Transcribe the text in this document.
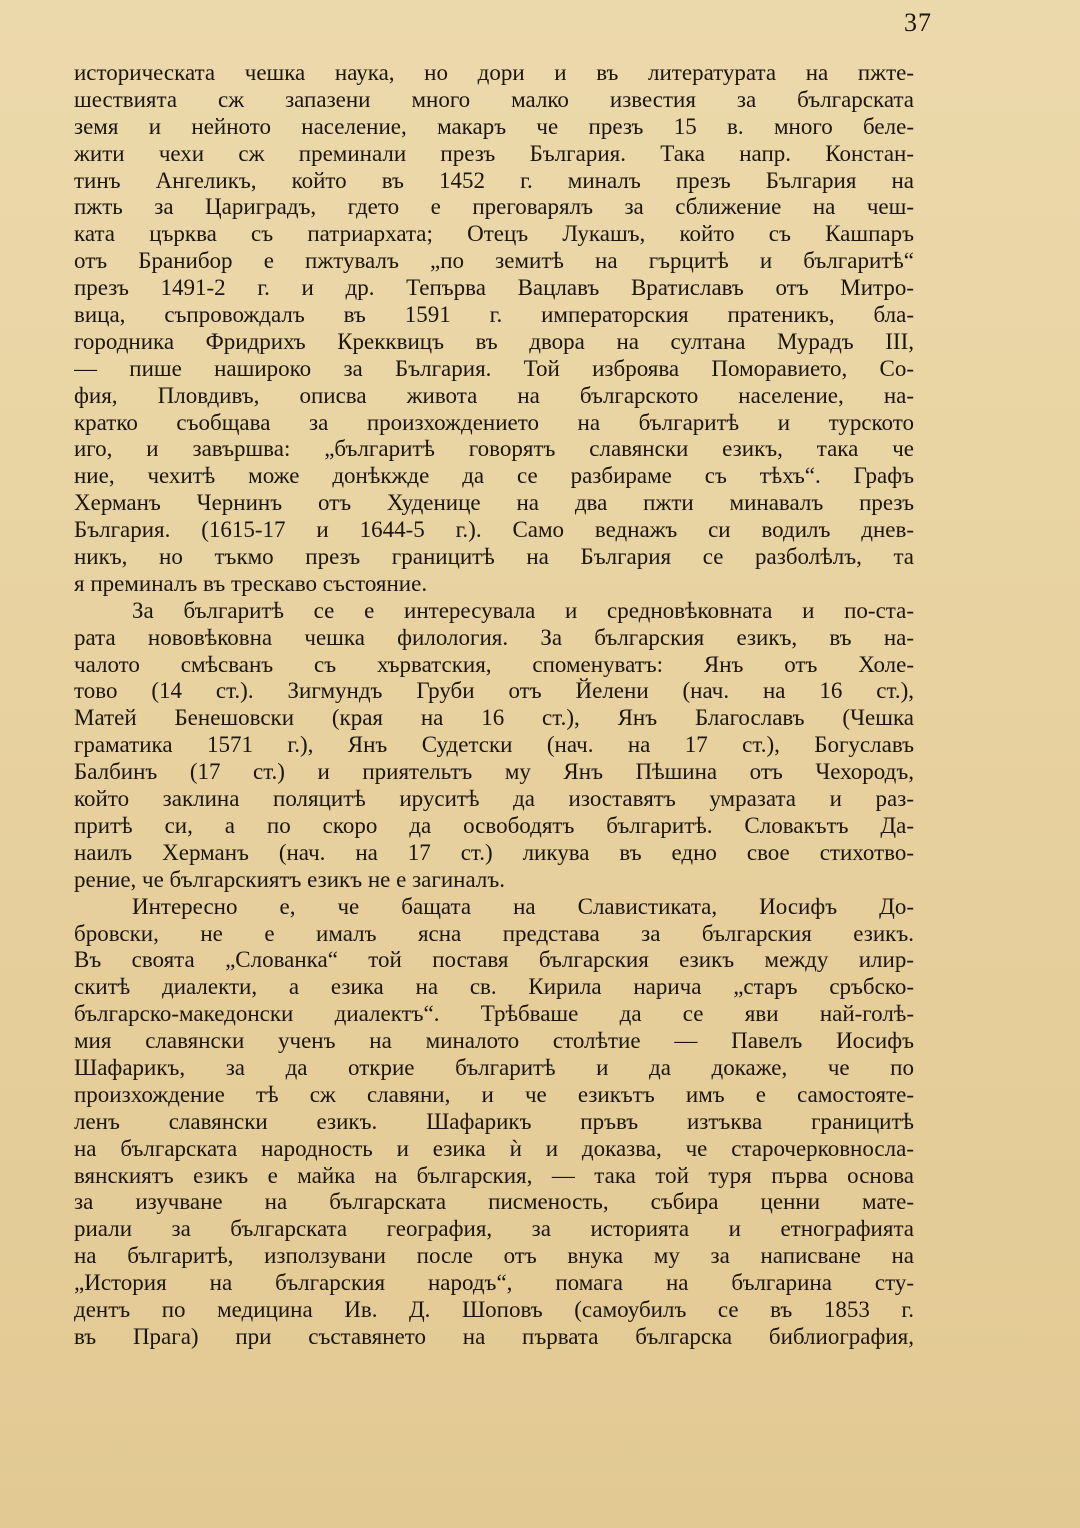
37
историческата чешка наука, но дори и въ литературата на пжте-
шествията сж запазени много малко известия за българската
земя и нейното население, макаръ че презъ 15 в. много беле-
жити чехи сж преминали презъ България. Така напр. Констан-
тинъ Ангеликъ, който въ 1452 г. миналъ презъ България на
пжть за Цариградъ, гдето е преговарялъ за сближение на чеш-
ката църква съ патриархата; Отецъ Лукашъ, който съ Кашпаръ
отъ Бранибор е пжтувалъ „по земитѣ на гърцитѣ и българитѣ“
презъ 1491-2 г. и др. Тепърва Вацлавъ Вратиславъ отъ Митро-
вица, съпровождалъ въ 1591 г. императорския пратеникъ, бла-
городника Фридрихъ Крекквицъ въ двора на султана Мурадъ III,
— пише нашироко за България. Той изброява Поморавието, Со-
фия, Пловдивъ, описва живота на българското население, на-
кратко съобщава за произхождението на българитѣ и турското
иго, и завършва: „българитѣ говорятъ славянски езикъ, така че
ние, чехитѣ може донѣкжде да се разбираме съ тѣхъ“. Графъ
Херманъ Чернинъ отъ Худенице на два пжти минавалъ презъ
България. (1615-17 и 1644-5 г.). Само веднажъ си водилъ днев-
никъ, но тъкмо презъ границитѣ на България се разболѣлъ, та
я преминалъ въ трескаво състояние.
За българитѣ се е интересувала и средновѣковната и по-ста-
рата нововѣковна чешка филология. За българския езикъ, въ на-
чалото смѣсванъ съ хърватския, споменуватъ: Янъ отъ Холе-
тово (14 ст.). Зигмундъ Груби отъ Йелени (нач. на 16 ст.),
Матей Бенешовски (края на 16 ст.), Янъ Благославъ (Чешка
граматика 1571 г.), Янъ Судетски (нач. на 17 ст.), Богуславъ
Балбинъ (17 ст.) и приятельтъ му Янъ Пѣшина отъ Чехородъ,
който заклина поляцитѣ ируситѣ да изоставятъ умразата и раз-
притѣ си, а по скоро да освободятъ българитѣ. Словакътъ Да-
наилъ Херманъ (нач. на 17 ст.) ликува въ едно свое стихотво-
рение, че българскиятъ езикъ не е загиналъ.
Интересно е, че бащата на Славистиката, Иосифъ До-
бровски, не е ималъ ясна представа за българския езикъ.
Въ своята „Слованка“ той поставя българския езикъ между илир-
скитѣ диалекти, а езика на св. Кирила нарича „старъ сръбско-
българско-македонски диалектъ“. Трѣбваше да се яви най-голѣ-
мия славянски ученъ на миналото столѣтие — Павелъ Иосифъ
Шафарикъ, за да открие българитѣ и да докаже, че по
произхождение тѣ сж славяни, и че езикътъ имъ е самостояте-
ленъ славянски езикъ. Шафарикъ пръвъ изтъква границитѣ
на българската народность и езика ѝ и доказва, че старочерковносла-
вянскиятъ езикъ е майка на българския, — така той туря първа основа
за изучване на българската писменость, събира ценни мате-
риали за българската география, за историята и етнографията
на българитѣ, използувани после отъ внука му за написване на
„История на българския народъ“, помага на българина сту-
дентъ по медицина Ив. Д. Шоповъ (самоубилъ се въ 1853 г.
въ Прага) при съставянето на първата българска библиография,
